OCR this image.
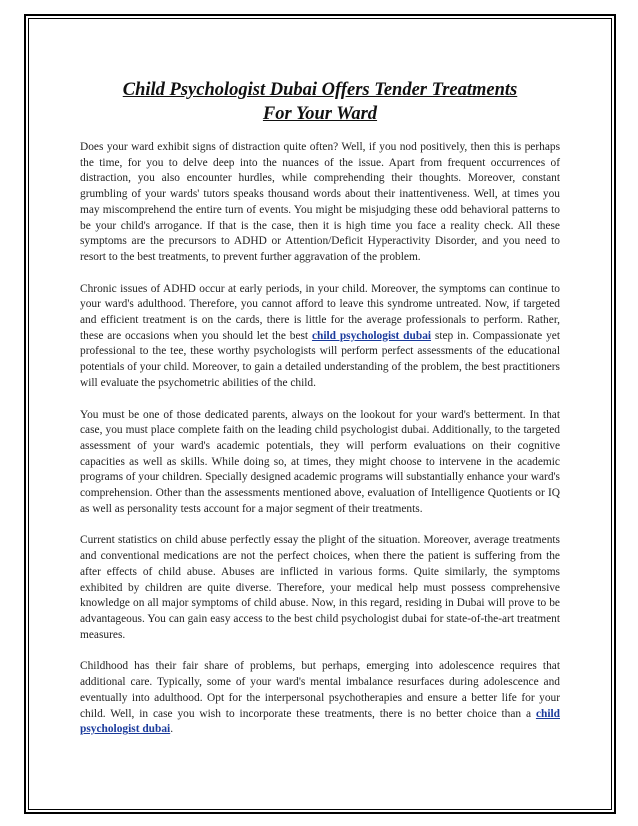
Child Psychologist Dubai Offers Tender Treatments
For Your Ward

Does your ward exhibit signs of distraction quite often? Well, if you nod positively, then this is perhaps the time, for you to delve deep into the nuances of the issue. Apart from frequent occurrences of distraction, you also encounter hurdles, while comprehending their thoughts. Moreover, constant grumbling of your wards' tutors speaks thousand words about their inattentiveness. Well, at times you may miscomprehend the entire turn of events. You might be misjudging these odd behavioral patterns to be your child's arrogance. If that is the case, then it is high time you face a reality check. All these symptoms are the precursors to ADHD or Attention/Deficit Hyperactivity Disorder, and you need to resort to the best treatments, to prevent further aggravation of the problem.

Chronic issues of ADHD occur at early periods, in your child. Moreover, the symptoms can continue to your ward's adulthood. Therefore, you cannot afford to leave this syndrome untreated. Now, if targeted and efficient treatment is on the cards, there is little for the average professionals to perform. Rather, these are occasions when you should let the best child psychologist dubai step in. Compassionate yet professional to the tee, these worthy psychologists will perform perfect assessments of the educational potentials of your child. Moreover, to gain a detailed understanding of the problem, the best practitioners will evaluate the psychometric abilities of the child.

You must be one of those dedicated parents, always on the lookout for your ward's betterment. In that case, you must place complete faith on the leading child psychologist dubai. Additionally, to the targeted assessment of your ward's academic potentials, they will perform evaluations on their cognitive capacities as well as skills. While doing so, at times, they might choose to intervene in the academic programs of your children. Specially designed academic programs will substantially enhance your ward's comprehension. Other than the assessments mentioned above, evaluation of Intelligence Quotients or IQ as well as personality tests account for a major segment of their treatments.

Current statistics on child abuse perfectly essay the plight of the situation. Moreover, average treatments and conventional medications are not the perfect choices, when there the patient is suffering from the after effects of child abuse. Abuses are inflicted in various forms. Quite similarly, the symptoms exhibited by children are quite diverse. Therefore, your medical help must possess comprehensive knowledge on all major symptoms of child abuse. Now, in this regard, residing in Dubai will prove to be advantageous. You can gain easy access to the best child psychologist dubai for state-of-the-art treatment measures.

Childhood has their fair share of problems, but perhaps, emerging into adolescence requires that additional care. Typically, some of your ward's mental imbalance resurfaces during adolescence and eventually into adulthood. Opt for the interpersonal psychotherapies and ensure a better life for your child. Well, in case you wish to incorporate these treatments, there is no better choice than a child psychologist dubai.
